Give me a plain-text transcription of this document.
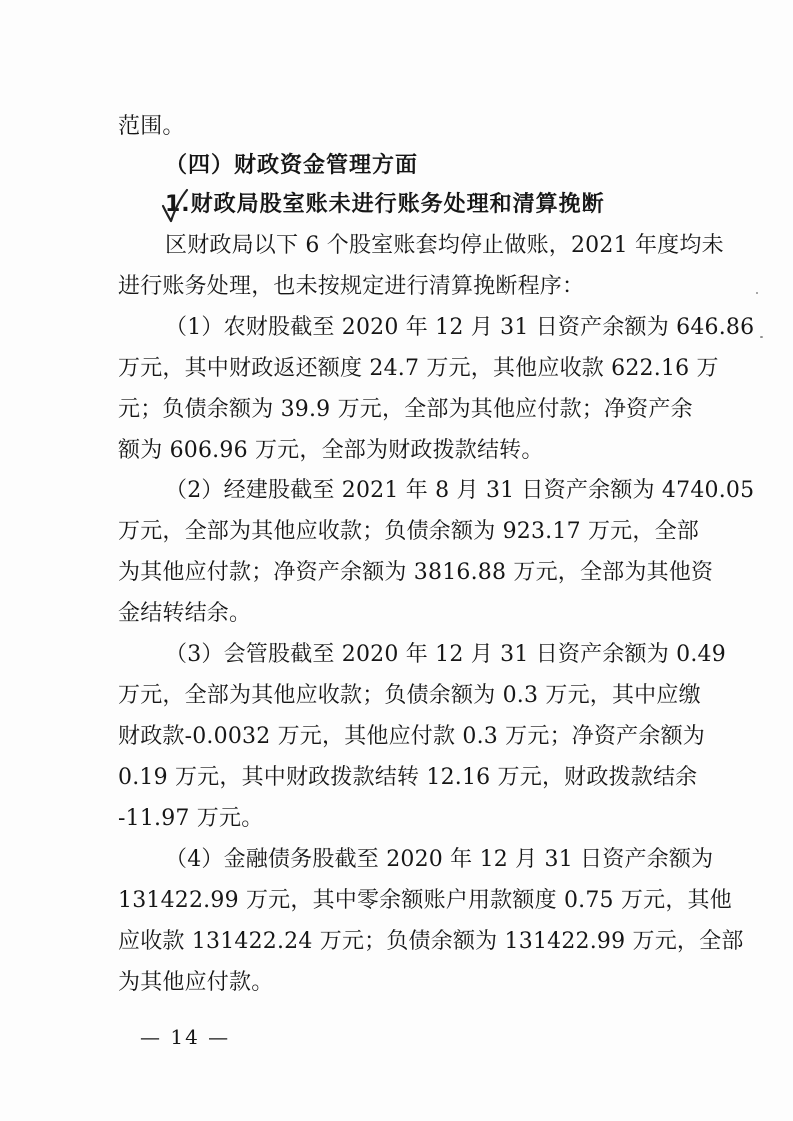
范围。
（四）财政资金管理方面
1.财政局股室账未进行账务处理和清算挽断
区财政局以下 6 个股室账套均停止做账，2021 年度均未
进行账务处理，也未按规定进行清算挽断程序：
（1）农财股截至 2020 年 12 月 31 日资产余额为 646.86
万元，其中财政返还额度 24.7 万元，其他应收款 622.16 万
元；负债余额为 39.9 万元，全部为其他应付款；净资产余
额为 606.96 万元，全部为财政拨款结转。
（2）经建股截至 2021 年 8 月 31 日资产余额为 4740.05
万元，全部为其他应收款；负债余额为 923.17 万元，全部
为其他应付款；净资产余额为 3816.88 万元，全部为其他资
金结转结余。
（3）会管股截至 2020 年 12 月 31 日资产余额为 0.49
万元，全部为其他应收款；负债余额为 0.3 万元，其中应缴
财政款-0.0032 万元，其他应付款 0.3 万元；净资产余额为
0.19 万元，其中财政拨款结转 12.16 万元，财政拨款结余
-11.97 万元。
（4）金融债务股截至 2020 年 12 月 31 日资产余额为
131422.99 万元，其中零余额账户用款额度 0.75 万元，其他
应收款 131422.24 万元；负债余额为 131422.99 万元，全部
为其他应付款。
— 14 —
